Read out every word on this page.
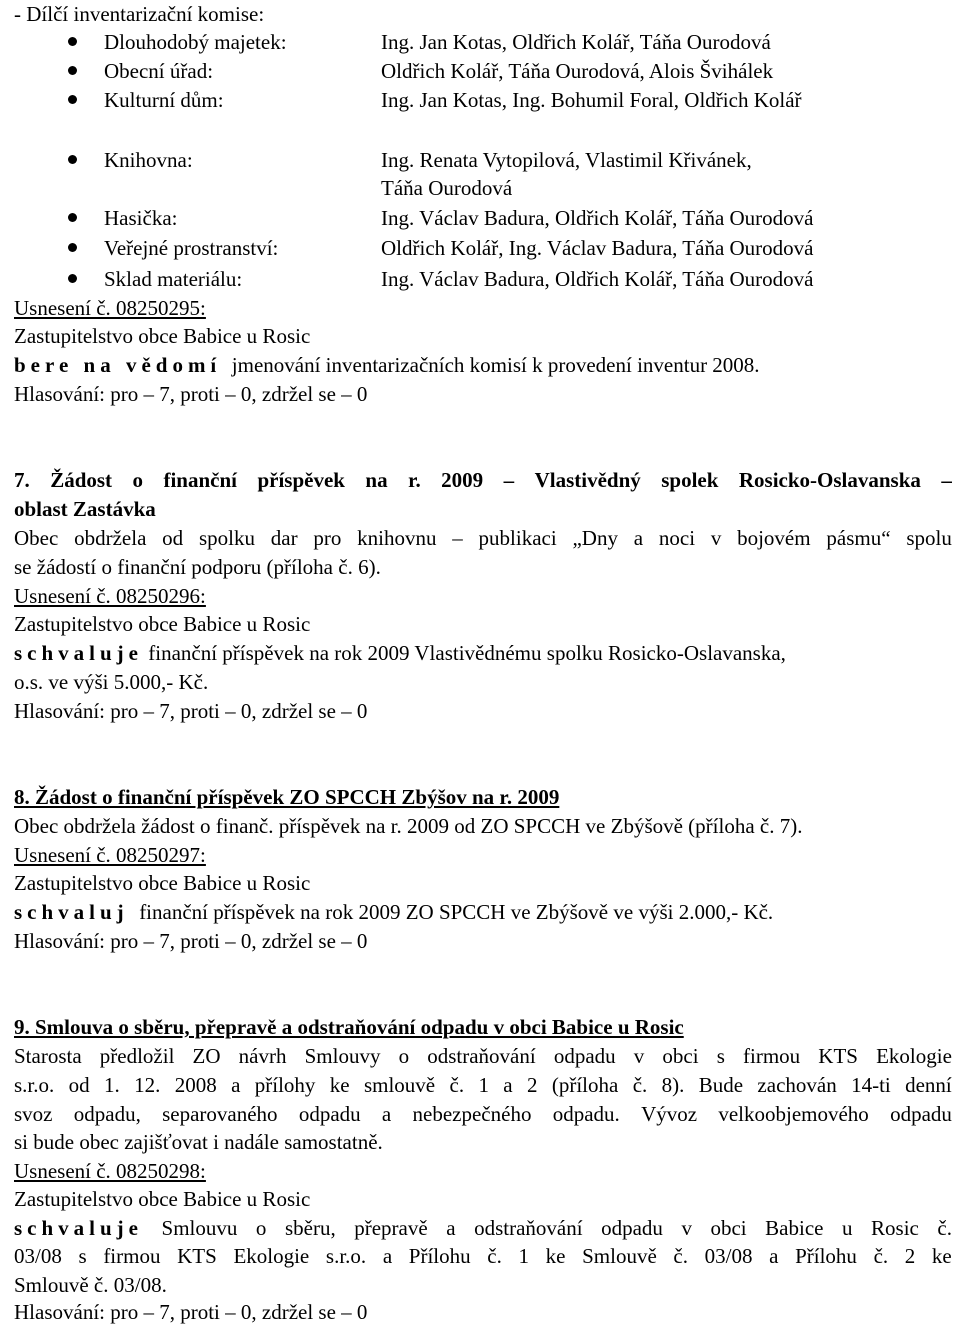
- Dílčí inventarizační komise:
Dlouhodobý majetek:	Ing. Jan Kotas, Oldřich Kolář, Táňa Ourodová
Obecní úřad:	Oldřich Kolář, Táňa Ourodová, Alois Švihálek
Kulturní dům:	Ing. Jan Kotas, Ing. Bohumil Foral, Oldřich Kolář
Knihovna:	Ing. Renata Vytopilová, Vlastimil Křivánek,
Táňa Ourodová
Hasička:	Ing. Václav Badura, Oldřich Kolář, Táňa Ourodová
Veřejné prostranství:	Oldřich Kolář, Ing. Václav Badura, Táňa Ourodová
Sklad materiálu:	Ing. Václav Badura, Oldřich Kolář, Táňa Ourodová
Usnesení č. 08250295:
Zastupitelstvo obce Babice u Rosic
bere na vědomí jmenování inventarizačních komisí k provedení inventur 2008.
Hlasování: pro – 7, proti – 0, zdržel se – 0
7. Žádost o finanční příspěvek na r. 2009 – Vlastivědný spolek Rosicko-Oslavanska –
oblast Zastávka
Obec obdržela od spolku dar pro knihovnu – publikaci „Dny a noci v bojovém pásmu“ spolu
se žádostí o finanční podporu (příloha č. 6).
Usnesení č. 08250296:
Zastupitelstvo obce Babice u Rosic
schvaluje finanční příspěvek na rok 2009 Vlastivědnému spolku Rosicko-Oslavanska,
o.s. ve výši 5.000,- Kč.
Hlasování: pro – 7, proti – 0, zdržel se – 0
8. Žádost o finanční příspěvek ZO SPCCH Zbýšov na r. 2009
Obec obdržela žádost o finanč. příspěvek na r. 2009 od ZO SPCCH ve Zbýšově (příloha č. 7).
Usnesení č. 08250297:
Zastupitelstvo obce Babice u Rosic
schvaluj finanční příspěvek na rok 2009 ZO SPCCH ve Zbýšově ve výši 2.000,- Kč.
Hlasování: pro – 7, proti – 0, zdržel se – 0
9. Smlouva o sběru, přepravě a odstraňování odpadu v obci Babice u Rosic
Starosta předložil ZO návrh Smlouvy o odstraňování odpadu v obci s firmou KTS Ekologie
s.r.o. od 1. 12. 2008 a přílohy ke smlouvě č. 1 a 2 (příloha č. 8). Bude zachován 14-ti denní
svoz odpadu, separovaného odpadu a nebezpečného odpadu. Vývoz velkoobjemového odpadu
si bude obec zajišťovat i nadále samostatně.
Usnesení č. 08250298:
Zastupitelstvo obce Babice u Rosic
schvaluje Smlouvu o sběru, přepravě a odstraňování odpadu v obci Babice u Rosic č.
03/08 s firmou KTS Ekologie s.r.o. a Přílohu č. 1 ke Smlouvě č. 03/08 a Přílohu č. 2 ke
Smlouvě č. 03/08.
Hlasování: pro – 7, proti – 0, zdržel se – 0
